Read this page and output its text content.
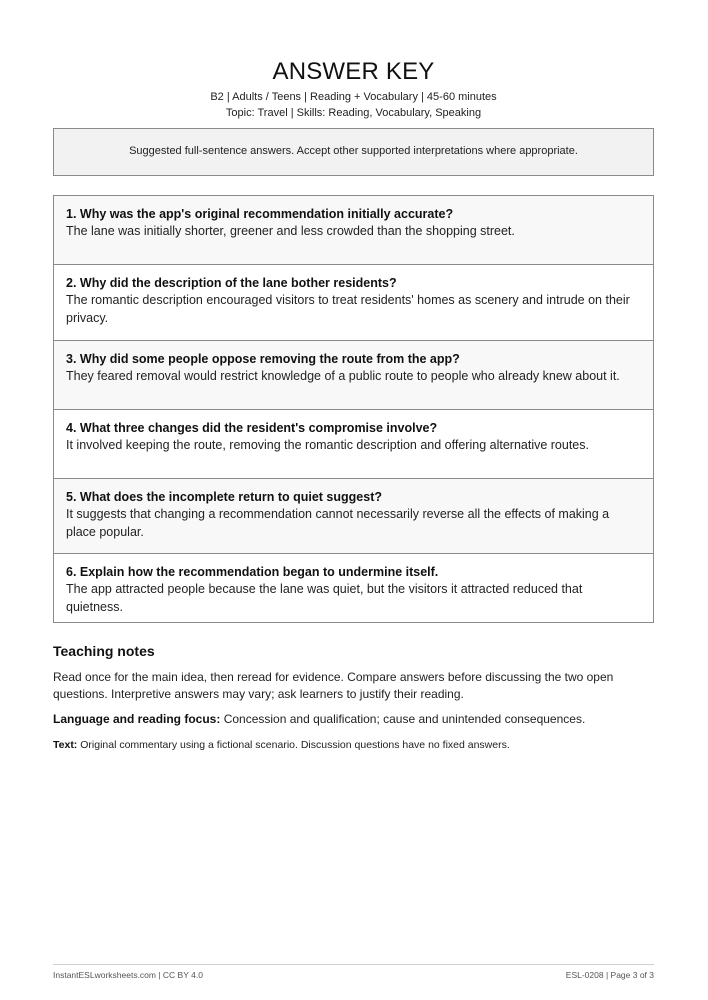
ANSWER KEY
B2 | Adults / Teens | Reading + Vocabulary | 45-60 minutes
Topic: Travel | Skills: Reading, Vocabulary, Speaking
Suggested full-sentence answers. Accept other supported interpretations where appropriate.
1. Why was the app's original recommendation initially accurate?
The lane was initially shorter, greener and less crowded than the shopping street.
2. Why did the description of the lane bother residents?
The romantic description encouraged visitors to treat residents' homes as scenery and intrude on their privacy.
3. Why did some people oppose removing the route from the app?
They feared removal would restrict knowledge of a public route to people who already knew about it.
4. What three changes did the resident's compromise involve?
It involved keeping the route, removing the romantic description and offering alternative routes.
5. What does the incomplete return to quiet suggest?
It suggests that changing a recommendation cannot necessarily reverse all the effects of making a place popular.
6. Explain how the recommendation began to undermine itself.
The app attracted people because the lane was quiet, but the visitors it attracted reduced that quietness.
Teaching notes
Read once for the main idea, then reread for evidence. Compare answers before discussing the two open questions. Interpretive answers may vary; ask learners to justify their reading.
Language and reading focus: Concession and qualification; cause and unintended consequences.
Text: Original commentary using a fictional scenario. Discussion questions have no fixed answers.
InstantESLworksheets.com | CC BY 4.0	ESL-0208 | Page 3 of 3
